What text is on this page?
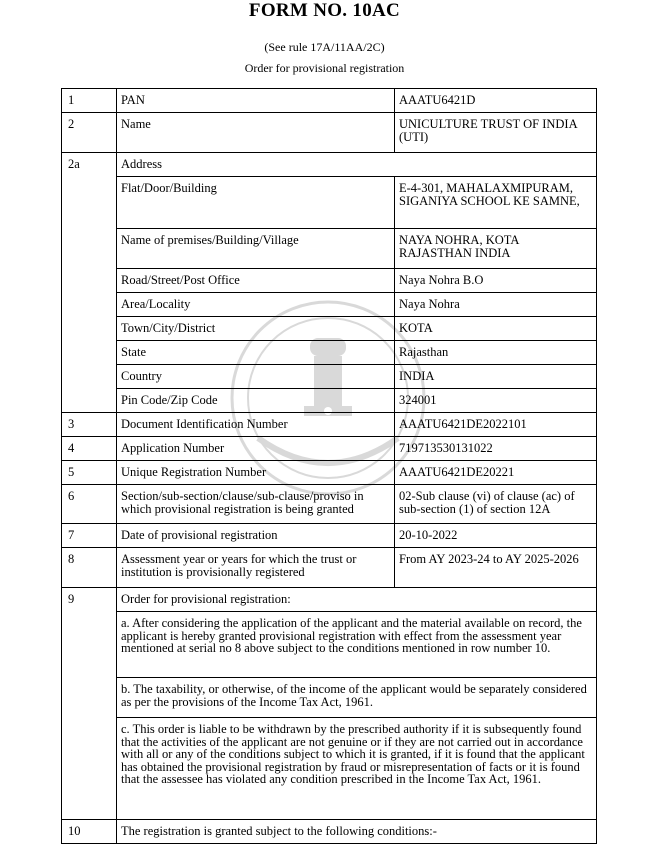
FORM NO. 10AC
(See rule 17A/11AA/2C)
Order for provisional registration
1	PAN	AAATU6421D
2	Name	UNICULTURE TRUST OF INDIA (UTI)
2a	Address	
	Flat/Door/Building	E-4-301, MAHALAXMIPURAM, SIGANIYA SCHOOL KE SAMNE,
	Name of premises/Building/Village	NAYA NOHRA, KOTA RAJASTHAN INDIA
	Road/Street/Post Office	Naya Nohra B.O
	Area/Locality	Naya Nohra
	Town/City/District	KOTA
	State	Rajasthan
	Country	INDIA
	Pin Code/Zip Code	324001
3	Document Identification Number	AAATU6421DE2022101
4	Application Number	719713530131022
5	Unique Registration Number	AAATU6421DE20221
6	Section/sub-section/clause/sub-clause/proviso in which provisional registration is being granted	02-Sub clause (vi) of clause (ac) of sub-section (1) of section 12A
7	Date of provisional registration	20-10-2022
8	Assessment year or years for which the trust or institution is provisionally registered	From AY 2023-24 to AY 2025-2026
9	Order for provisional registration:	
	a. After considering the application of the applicant and the material available on record, the applicant is hereby granted provisional registration with effect from the assessment year mentioned at serial no 8 above subject to the conditions mentioned in row number 10.	
	b. The taxability, or otherwise, of the income of the applicant would be separately considered as per the provisions of the Income Tax Act, 1961.	
	c. This order is liable to be withdrawn by the prescribed authority if it is subsequently found that the activities of the applicant are not genuine or if they are not carried out in accordance with all or any of the conditions subject to which it is granted, if it is found that the applicant has obtained the provisional registration by fraud or misrepresentation of facts or it is found that the assessee has violated any condition prescribed in the Income Tax Act, 1961.	
10	The registration is granted subject to the following conditions:-	
